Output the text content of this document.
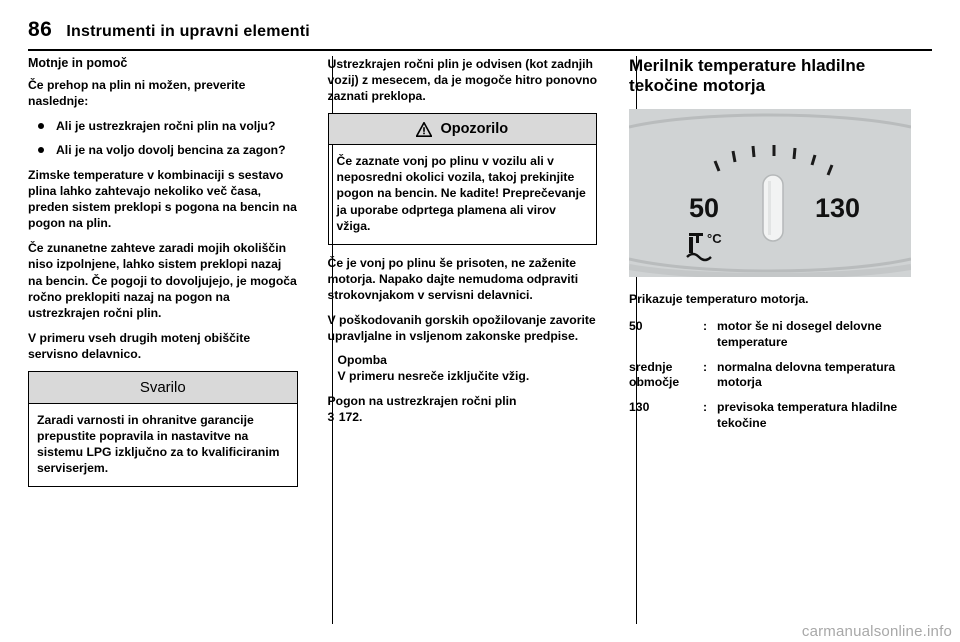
86 Instrumenti in upravni elementi
Motnje in pomoč

Če prehop na plin ni možen, preverite naslednje:

Ali je ustrezkrajen ročni plin na volju?
Ali je na voljo dovolj bencina za zagon?

Zimske temperature v kombinaciji s sestavo plina lahko zahtevajo nekoliko več časa, preden sistem preklopi s pogona na bencin na pogon na plin.

Če zunanetne zahteve zaradi mojih okoliščin niso izpolnjene, lahko sistem preklopi nazaj na bencin. Če pogoji to dovoljujejo, je mogoča ročno preklopiti nazaj na pogon na ustrezkrajen ročni plin.

V primeru vseh drugih motenj obiščite servisno delavnico.

Svarilo

Zaradi varnosti in ohranitve garancije prepustite popravila in nastavitve na sistemu LPG izključno za to kvalificiranim serviserjem.

Ustrezkrajen ročni plin je odvisen (kot zadnjih vozij) z mesecem, da je mogoče hitro ponovno zaznati preklopa.

Opozorilo

Če zaznate vonj po plinu v vozilu ali v neposredni okolici vozila, takoj prekinjite pogon na bencin. Ne kadite! Preprečevanje ja uporabe odprtega plamena ali virov vžiga.

Če je vonj po plinu še prisoten, ne zaženite motorja. Napako dajte nemudoma odpraviti strokovnjakom v servisni delavnici.

V poškodovanih gorskih opožilovanje zavorite upravljalne in vsljenom zakonske predpise.

Opomba
V primeru nesreče izključite vžig.
Pogon na ustrezkrajen ročni plin
3 172.
Merilnik temperature hladilne tekočine motorja
50	130
°C

Prikazuje temperaturo motorja.

50	:	motor še ni dosegel delovne temperature
srednje območje	:	normalna delovna temperatura motorja
130	:	previsoka temperatura hladilne tekočine
carmanualsonline.info
